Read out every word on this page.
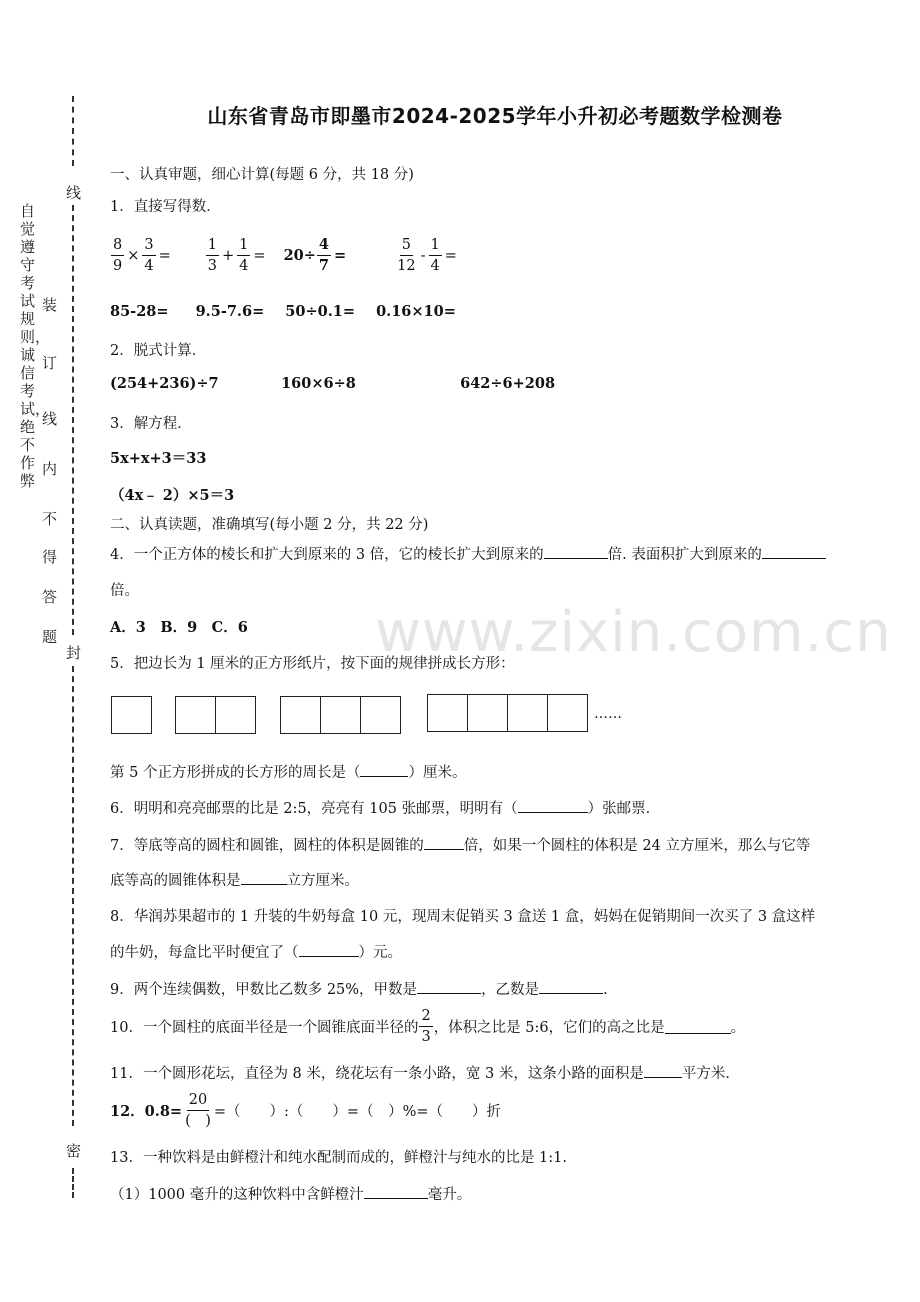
线
装
订
线
内
不
得
答
题
封
密
自觉遵守考试规则，诚信考试，绝不作弊
www.zixin.com.cn
山东省青岛市即墨市2024-2025学年小升初必考题数学检测卷
一、认真审题，细心计算(每题 6 分，共 18 分)
1．直接写得数．
$\frac{8}{9} \times \frac{3}{4} = \frac{1}{3} + \frac{1}{4} = 20\div \frac{4}{7}$ =	$\frac{5}{12} - \frac{1}{4}$ =
85-28= 9.5-7.6= 50÷0.1= 0.16×10=
2．脱式计算．
(254+236)÷7	160×6÷8	642÷6+208
3．解方程．
5x+x+3＝33
（4x﹣ 2）×5＝3
二、认真读题，准确填写(每小题 2 分，共 22 分)
4．一个正方体的棱长和扩大到原来的 3 倍，它的棱长扩大到原来的	倍. 表面积扩大到原来的
倍。
A．3　B．9　C．6
5．把边长为 1 厘米的正方形纸片，按下面的规律拼成长方形：
……
第 5 个正方形拼成的长方形的周长是（	）厘米。
6．明明和亮亮邮票的比是 2:5，亮亮有 105 张邮票，明明有（	）张邮票．
7．等底等高的圆柱和圆锥，圆柱的体积是圆锥的	倍，如果一个圆柱的体积是 24 立方厘米，那么与它等
底等高的圆锥体积是	立方厘米。
8．华润苏果超市的 1 升装的牛奶每盒 10 元，现周末促销买 3 盒送 1 盒，妈妈在促销期间一次买了 3 盒这样
的牛奶，每盒比平时便宜了（	）元。
9．两个连续偶数，甲数比乙数多 25%，甲数是	，乙数是	.
10．一个圆柱的底面半径是一个圆锥底面半径的 $\frac{2}{3}$ ，体积之比是 5:6，它们的高之比是	。
11．一个圆形花坛，直径为 8 米，绕花坛有一条小路，宽 3 米，这条小路的面积是	平方米．
12．$0.8= \frac{20}{( )}$ =（　　）:（　　）=（　）%=（　　）折
13．一种饮料是由鲜橙汁和纯水配制而成的，鲜橙汁与纯水的比是 1:1.
（1）1000 毫升的这种饮料中含鲜橙汁	毫升。
